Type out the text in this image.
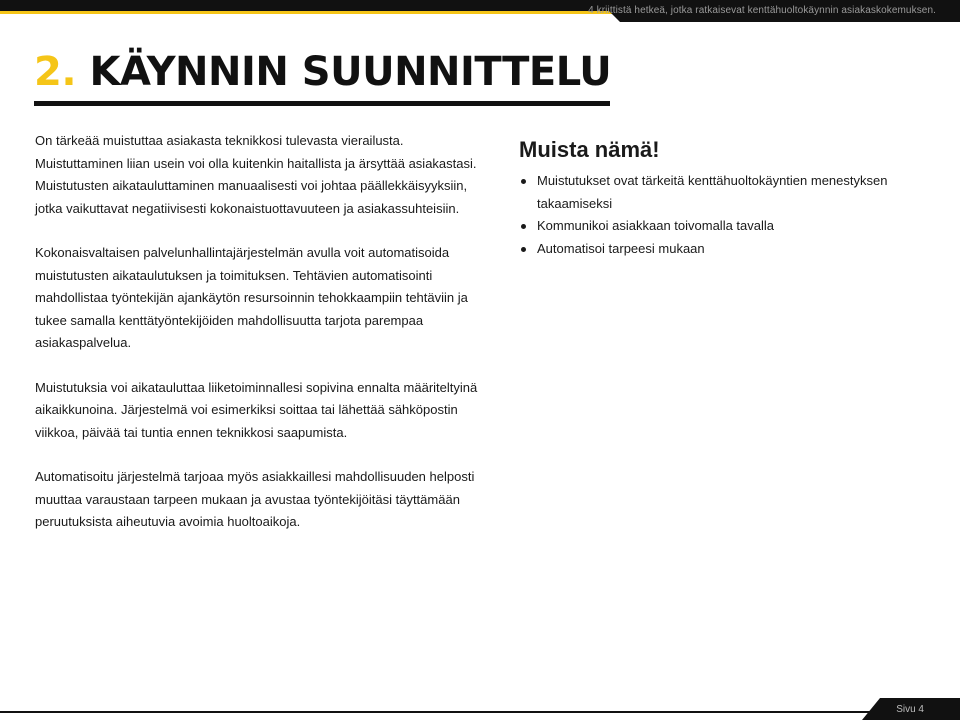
4 kriittistä hetkeä, jotka ratkaisevat kenttähuoltokäynnin asiakaskokemuksen.
2. KÄYNNIN SUUNNITTELU

On tärkeää muistuttaa asiakasta teknikkosi tulevasta vierailusta. Muistuttaminen liian usein voi olla kuitenkin haitallista ja ärsyttää asiakastasi. Muistutusten aikatauluttaminen manuaalisesti voi johtaa päällekkäisyyksiin, jotka vaikuttavat negatiivisesti kokonaistuottavuuteen ja asiakassuhteisiin.

Kokonaisvaltaisen palvelunhallintajärjestelmän avulla voit automatisoida muistutusten aikataulutuksen ja toimituksen. Tehtävien automatisointi mahdollistaa työntekijän ajankäytön resursoinnin tehokkaampiin tehtäviin ja tukee samalla kenttätyöntekijöiden mahdollisuutta tarjota parempaa asiakaspalvelua.

Muistutuksia voi aikatauluttaa liiketoiminnallesi sopivina ennalta määriteltyinä aikaikkunoina. Järjestelmä voi esimerkiksi soittaa tai lähettää sähköpostin viikkoa, päivää tai tuntia ennen teknikkosi saapumista.

Automatisoitu järjestelmä tarjoaa myös asiakkaillesi mahdollisuuden helposti muuttaa varaustaan tarpeen mukaan ja avustaa työntekijöitäsi täyttämään peruutuksista aiheutuvia avoimia huoltoaikoja.

Muista nämä!
Muistutukset ovat tärkeitä kenttähuoltokäyntien menestyksen takaamiseksi
Kommunikoi asiakkaan toivomalla tavalla
Automatisoi tarpeesi mukaan
Sivu 4
